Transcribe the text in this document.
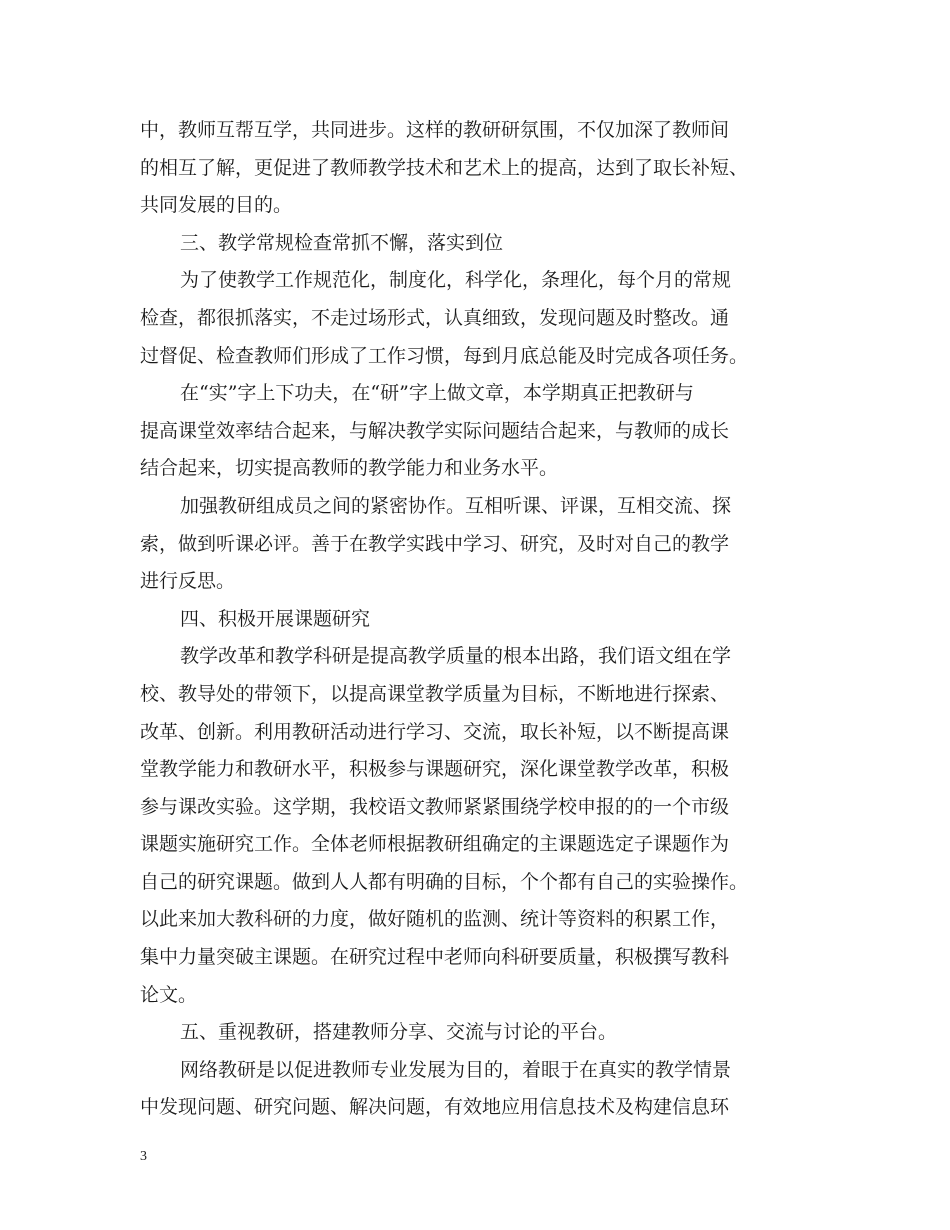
中，教师互帮互学，共同进步。这样的教研研氛围，不仅加深了教师间
的相互了解，更促进了教师教学技术和艺术上的提高，达到了取长补短、
共同发展的目的。
三、教学常规检查常抓不懈，落实到位
为了使教学工作规范化，制度化，科学化，条理化，每个月的常规
检查，都很抓落实，不走过场形式，认真细致，发现问题及时整改。通
过督促、检查教师们形成了工作习惯，每到月底总能及时完成各项任务。
在“实”字上下功夫，在“研”字上做文章，本学期真正把教研与
提高课堂效率结合起来，与解决教学实际问题结合起来，与教师的成长
结合起来，切实提高教师的教学能力和业务水平。
加强教研组成员之间的紧密协作。互相听课、评课，互相交流、探
索，做到听课必评。善于在教学实践中学习、研究，及时对自己的教学
进行反思。
四、积极开展课题研究
教学改革和教学科研是提高教学质量的根本出路，我们语文组在学
校、教导处的带领下，以提高课堂教学质量为目标，不断地进行探索、
改革、创新。利用教研活动进行学习、交流，取长补短，以不断提高课
堂教学能力和教研水平，积极参与课题研究，深化课堂教学改革，积极
参与课改实验。这学期，我校语文教师紧紧围绕学校申报的的一个市级
课题实施研究工作。全体老师根据教研组确定的主课题选定子课题作为
自己的研究课题。做到人人都有明确的目标，个个都有自己的实验操作。
以此来加大教科研的力度，做好随机的监测、统计等资料的积累工作，
集中力量突破主课题。在研究过程中老师向科研要质量，积极撰写教科
论文。
五、重视教研，搭建教师分享、交流与讨论的平台。
网络教研是以促进教师专业发展为目的，着眼于在真实的教学情景
中发现问题、研究问题、解决问题，有效地应用信息技术及构建信息环
3
